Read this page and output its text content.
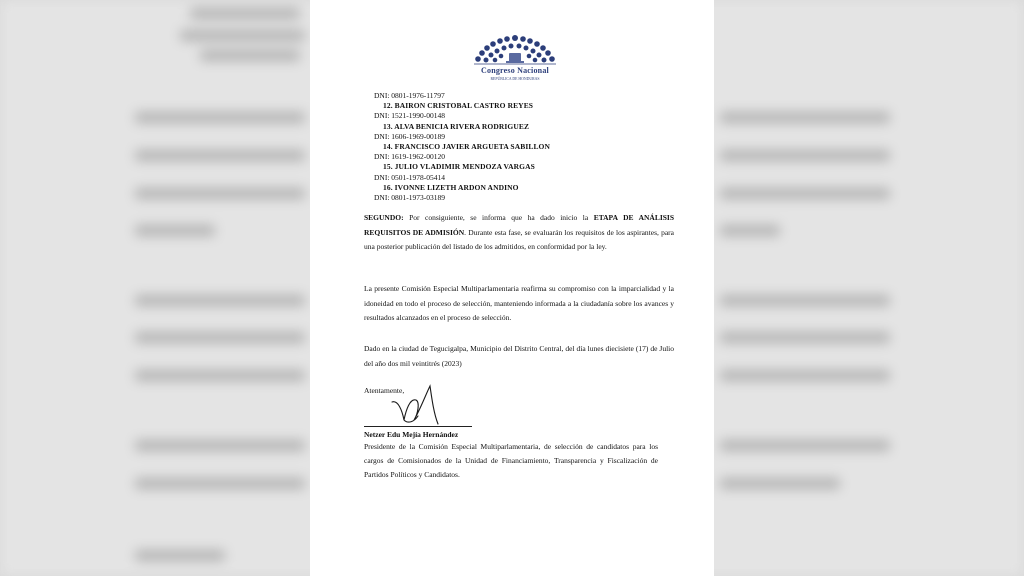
Congreso Nacional
REPÚBLICA DE HONDURAS
DNI: 0801-1976-11797
12. BAIRON CRISTOBAL CASTRO REYES
DNI: 1521-1990-00148
13. ALVA BENICIA RIVERA RODRIGUEZ
DNI: 1606-1969-00189
14. FRANCISCO JAVIER ARGUETA SABILLON
DNI: 1619-1962-00120
15. JULIO VLADIMIR MENDOZA VARGAS
DNI: 0501-1978-05414
16. IVONNE LIZETH ARDON ANDINO
DNI: 0801-1973-03189
SEGUNDO: Por consiguiente, se informa que ha dado inicio la ETAPA DE ANÁLISIS REQUISITOS DE ADMISIÓN. Durante esta fase, se evaluarán los requisitos de los aspirantes, para una posterior publicación del listado de los admitidos, en conformidad por la ley.
La presente Comisión Especial Multiparlamentaria reafirma su compromiso con la imparcialidad y la idoneidad en todo el proceso de selección, manteniendo informada a la ciudadanía sobre los avances y resultados alcanzados en el proceso de selección.
Dado en la ciudad de Tegucigalpa, Municipio del Distrito Central, del día lunes diecisiete (17) de Julio del año dos mil veintitrés (2023)
Atentamente,
Netzer Edu Mejía Hernández
Presidente de la Comisión Especial Multiparlamentaria, de selección de candidatos para los cargos de Comisionados de la Unidad de Financiamiento, Transparencia y Fiscalización de Partidos Políticos y Candidatos.
